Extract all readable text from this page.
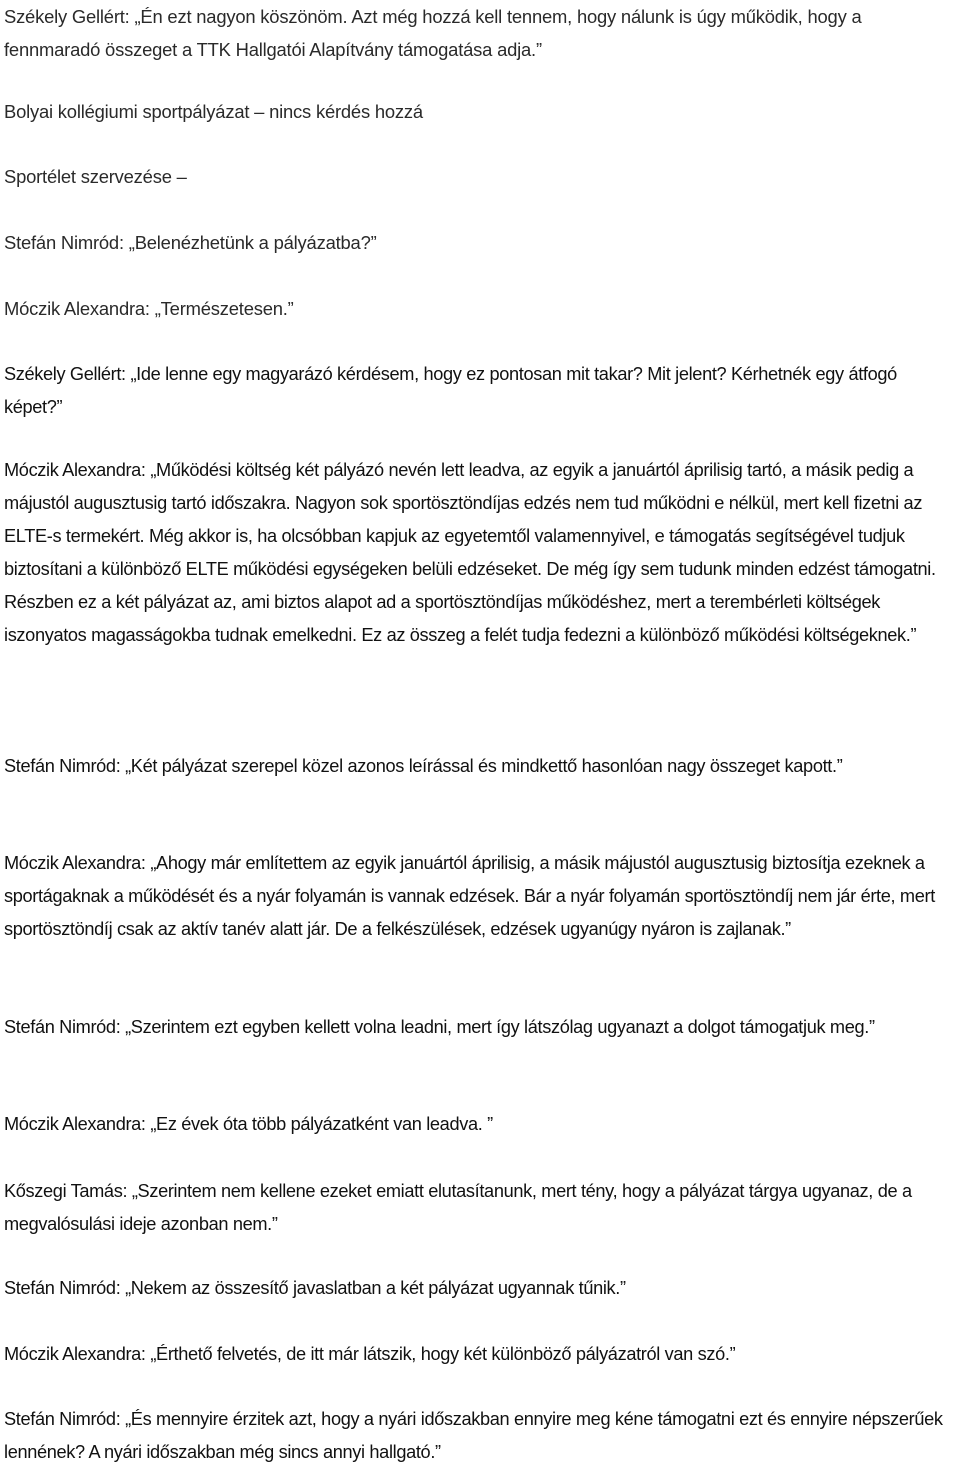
Székely Gellért: „Én ezt nagyon köszönöm. Azt még hozzá kell tennem, hogy nálunk is úgy működik, hogy a fennmaradó összeget a TTK Hallgatói Alapítvány támogatása adja.”

Bolyai kollégiumi sportpályázat – nincs kérdés hozzá

Sportélet szervezése –

Stefán Nimród: „Belenézhetünk a pályázatba?”

Móczik Alexandra: „Természetesen.”

Székely Gellért: „Ide lenne egy magyarázó kérdésem, hogy ez pontosan mit takar? Mit jelent? Kérhetnék egy átfogó képet?”

Móczik Alexandra: „Működési költség két pályázó nevén lett leadva, az egyik a januártól áprilisig tartó, a másik pedig a májustól augusztusig tartó időszakra. Nagyon sok sportösztöndíjas edzés nem tud működni e nélkül, mert kell fizetni az ELTE-s termekért. Még akkor is, ha olcsóbban kapjuk az egyetemtől valamennyivel, e támogatás segítségével tudjuk biztosítani a különböző ELTE működési egységeken belüli edzéseket. De még így sem tudunk minden edzést támogatni. Részben ez a két pályázat az, ami biztos alapot ad a sportösztöndíjas működéshez, mert a terembérleti költségek iszonyatos magasságokba tudnak emelkedni. Ez az összeg a felét tudja fedezni a különböző működési költségeknek.”

Stefán Nimród: „Két pályázat szerepel közel azonos leírással és mindkettő hasonlóan nagy összeget kapott.”

Móczik Alexandra: „Ahogy már említettem az egyik januártól áprilisig, a másik májustól augusztusig biztosítja ezeknek a sportágaknak a működését és a nyár folyamán is vannak edzések. Bár a nyár folyamán sportösztöndíj nem jár érte, mert sportösztöndíj csak az aktív tanév alatt jár. De a felkészülések, edzések ugyanúgy nyáron is zajlanak.”

Stefán Nimród: „Szerintem ezt egyben kellett volna leadni, mert így látszólag ugyanazt a dolgot támogatjuk meg.”

Móczik Alexandra: „Ez évek óta több pályázatként van leadva. ”

Kőszegi Tamás: „Szerintem nem kellene ezeket emiatt elutasítanunk, mert tény, hogy a pályázat tárgya ugyanaz, de a megvalósulási ideje azonban nem.”

Stefán Nimród: „Nekem az összesítő javaslatban a két pályázat ugyannak tűnik.”

Móczik Alexandra: „Érthető felvetés, de itt már látszik, hogy két különböző pályázatról van szó.”

Stefán Nimród: „És mennyire érzitek azt, hogy a nyári időszakban ennyire meg kéne támogatni ezt és ennyire népszerűek lennének? A nyári időszakban még sincs annyi hallgató.”
